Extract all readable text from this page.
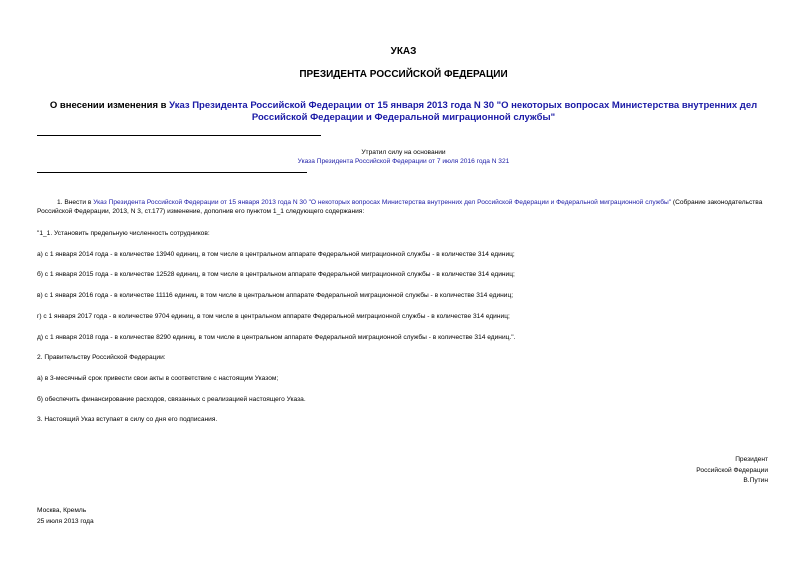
УКАЗ
ПРЕЗИДЕНТА РОССИЙСКОЙ ФЕДЕРАЦИИ
О внесении изменения в Указ Президента Российской Федерации от 15 января 2013 года N 30 "О некоторых вопросах Министерства внутренних дел Российской Федерации и Федеральной миграционной службы"
Утратил силу на основании
Указа Президента Российской Федерации от 7 июля 2016 года N 321
1. Внести в Указ Президента Российской Федерации от 15 января 2013 года N 30 "О некоторых вопросах Министерства внутренних дел Российской Федерации и Федеральной миграционной службы" (Собрание законодательства Российской Федерации, 2013, N 3, ст.177) изменение, дополнив его пунктом 1_1 следующего содержания:
"1_1. Установить предельную численность сотрудников:
а) с 1 января 2014 года - в количестве 13940 единиц, в том числе в центральном аппарате Федеральной миграционной службы - в количестве 314 единиц;
б) с 1 января 2015 года - в количестве 12528 единиц, в том числе в центральном аппарате Федеральной миграционной службы - в количестве 314 единиц;
в) с 1 января 2016 года - в количестве 11116 единиц, в том числе в центральном аппарате Федеральной миграционной службы - в количестве 314 единиц;
г) с 1 января 2017 года - в количестве 9704 единиц, в том числе в центральном аппарате Федеральной миграционной службы - в количестве 314 единиц;
д) с 1 января 2018 года - в количестве 8290 единиц, в том числе в центральном аппарате Федеральной миграционной службы - в количестве 314 единиц.".
2. Правительству Российской Федерации:
а) в 3-месячный срок привести свои акты в соответствие с настоящим Указом;
б) обеспечить финансирование расходов, связанных с реализацией настоящего Указа.
3. Настоящий Указ вступает в силу со дня его подписания.
Президент
Российской Федерации
В.Путин
Москва, Кремль
25 июля 2013 года
